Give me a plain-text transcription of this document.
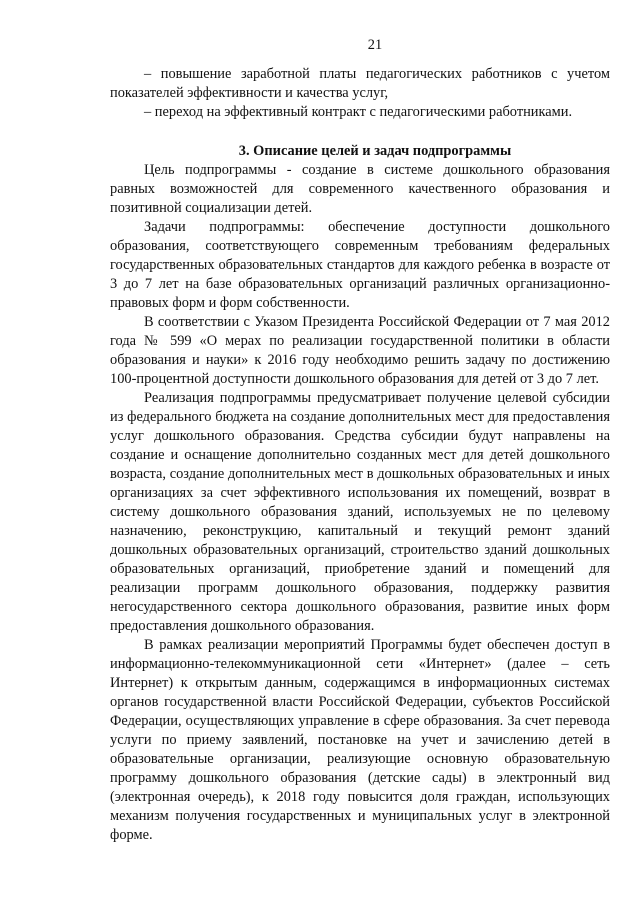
21

– повышение заработной платы педагогических работников с учетом показателей эффективности и качества услуг,

– переход на эффективный контракт с педагогическими работниками.

3. Описание целей и задач подпрограммы

Цель подпрограммы - создание в системе дошкольного образования равных возможностей для современного качественного образования и позитивной социализации детей.

Задачи подпрограммы: обеспечение доступности дошкольного образования, соответствующего современным требованиям федеральных государственных образовательных стандартов для каждого ребенка в возрасте от 3 до 7 лет на базе образовательных организаций различных организационно-правовых форм и форм собственности.

В соответствии с Указом Президента Российской Федерации от 7 мая 2012 года № 599 «О мерах по реализации государственной политики в области образования и науки» к 2016 году необходимо решить задачу по достижению 100-процентной доступности дошкольного образования для детей от 3 до 7 лет.

Реализация подпрограммы предусматривает получение целевой субсидии из федерального бюджета на создание дополнительных мест для предоставления услуг дошкольного образования. Средства субсидии будут направлены на создание и оснащение дополнительно созданных мест для детей дошкольного возраста, создание дополнительных мест в дошкольных образовательных и иных организациях за счет эффективного использования их помещений, возврат в систему дошкольного образования зданий, используемых не по целевому назначению, реконструкцию, капитальный и текущий ремонт зданий дошкольных образовательных организаций, строительство зданий дошкольных образовательных организаций, приобретение зданий и помещений для реализации программ дошкольного образования, поддержку развития негосударственного сектора дошкольного образования, развитие иных форм предоставления дошкольного образования.

В рамках реализации мероприятий Программы будет обеспечен доступ в информационно-телекоммуникационной сети «Интернет» (далее – сеть Интернет) к открытым данным, содержащимся в информационных системах органов государственной власти Российской Федерации, субъектов Российской Федерации, осуществляющих управление в сфере образования. За счет перевода услуги по приему заявлений, постановке на учет и зачислению детей в образовательные организации, реализующие основную образовательную программу дошкольного образования (детские сады) в электронный вид (электронная очередь), к 2018 году повысится доля граждан, использующих механизм получения государственных и муниципальных услуг в электронной форме.
